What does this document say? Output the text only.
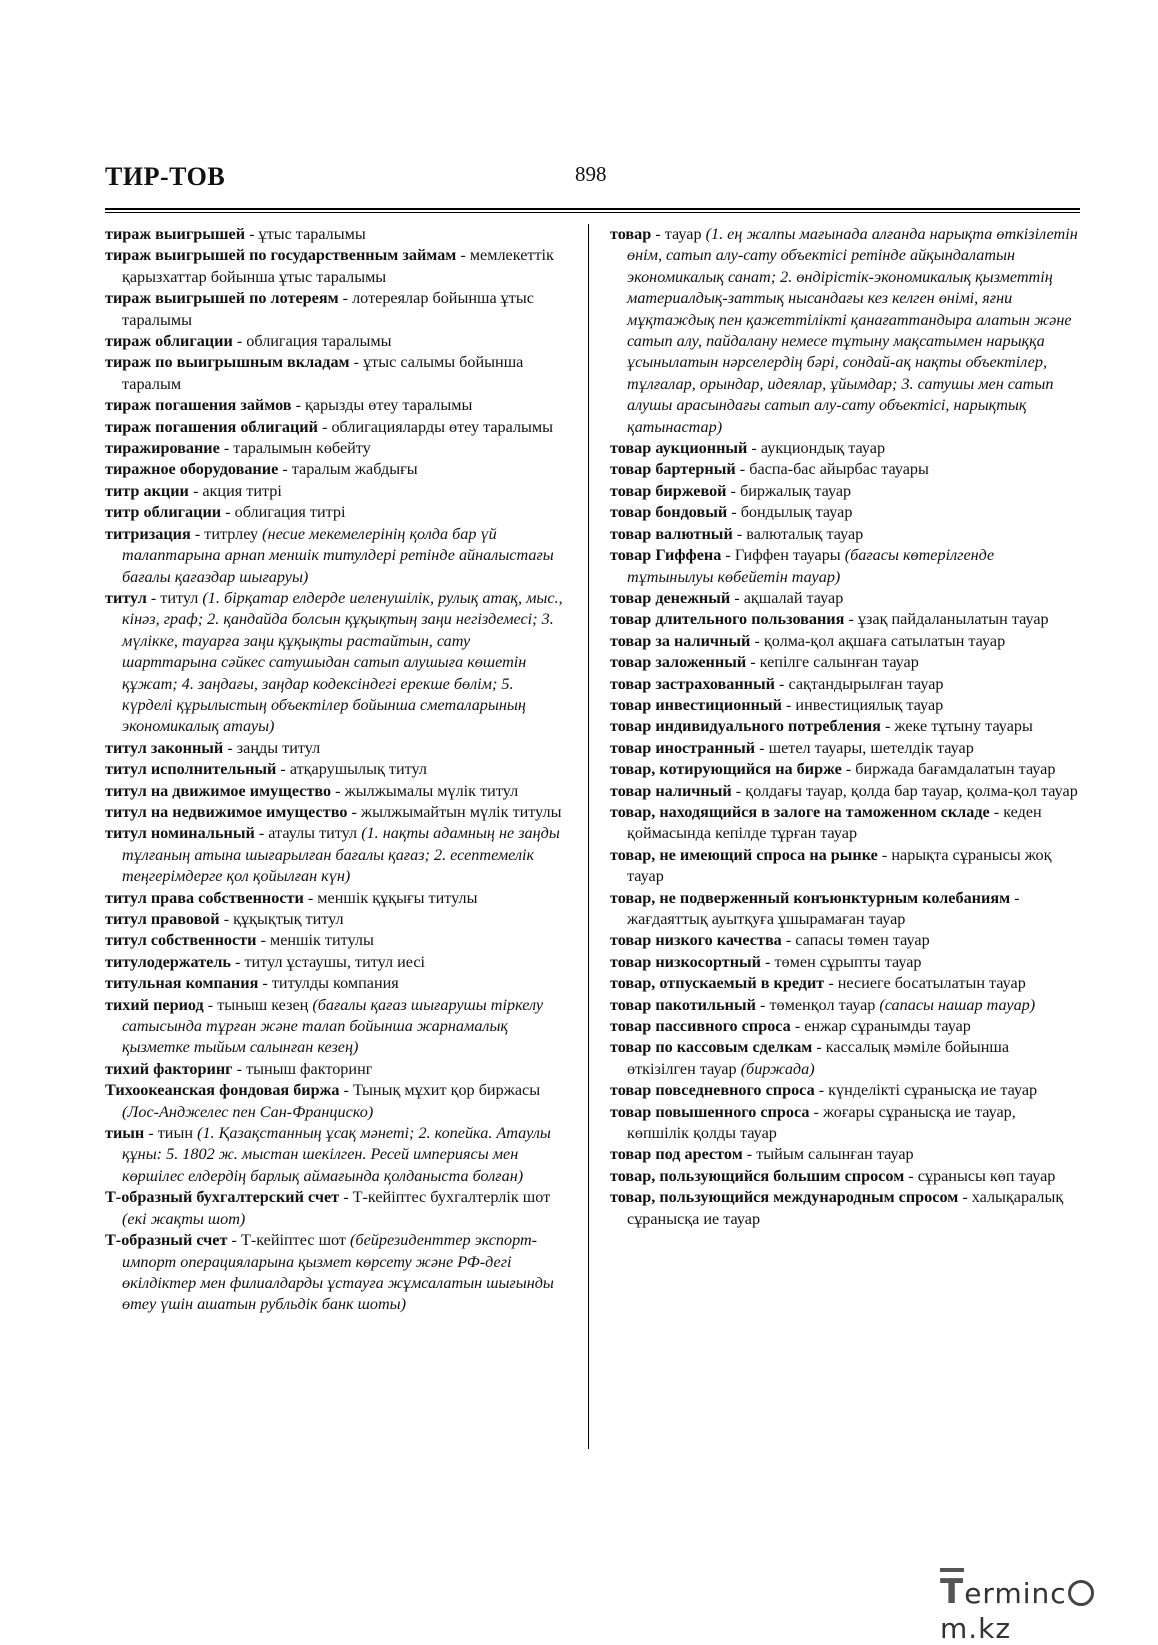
ТИР-ТОВ	898

тираж выигрышей - ұтыс таралымы

тираж выигрышей по государственным займам - мемлекеттік қарызхаттар бойынша ұтыс таралымы

тираж выигрышей по лотереям - лотереялар бойынша ұтыс таралымы

тираж облигации - облигация таралымы

тираж по выигрышным вкладам - ұтыс салымы бойынша таралым

тираж погашения займов - қарызды өтеу таралымы

тираж погашения облигаций - облигацияларды өтеу таралымы

тиражирование - таралымын көбейту

тиражное оборудование - таралым жабдығы

титр акции - акция титрі

титр облигации - облигация титрі

титризация - титрлеу (несие мекемелерінің қолда бар үй талаптарына арнап меншік титулдері ретінде айналыстағы бағалы қағаздар шығаруы)

титул - титул (1. бірқатар елдерде иеленушілік, рулық атақ, мыс., кінәз, граф; 2. қандайда болсын құқықтың заңи негіздемесі; 3. мүлікке, тауарға заңи құқықты растайтын, сату шарттарына сәйкес сатушыдан сатып алушыға көшетін құжат; 4. заңдағы, заңдар кодексіндегі ерекше бөлім; 5. күрделі құрылыстың объектілер бойынша сметаларының экономикалық атауы)

титул законный - заңды титул

титул исполнительный - атқарушылық титул

титул на движимое имущество - жылжымалы мүлік титул

титул на недвижимое имущество - жылжымайтын мүлік титулы

титул номинальный - атаулы титул (1. нақты адамның не заңды тұлғаның атына шығарылған бағалы қағаз; 2. есептемелік теңгерімдерге қол қойылған күн)

титул права собственности - меншік құқығы титулы

титул правовой - құқықтық титул

титул собственности - меншік титулы

титулодержатель - титул ұстаушы, титул иесі

титульная компания - титулды компания

тихий период - тыныш кезең (бағалы қағаз шығарушы тіркелу сатысында тұрған және талап бойынша жарнамалық қызметке тыйым салынған кезең)

тихий факторинг - тыныш факторинг

Тихоокеанская фондовая биржа - Тынық мұхит қор биржасы (Лос-Анджелес пен Сан-Франциско)

тиын - тиын (1. Қазақстанның ұсақ мәнеті; 2. копейка. Атаулы құны: 5. 1802 ж. мыстан шекілген. Ресей империясы мен көршілес елдердің барлық аймағында қолданыста болған)

Т-образный бухгалтерский счет - Т-кейіптес бухгалтерлік шот (екі жақты шот)

Т-образный счет - Т-кейіптес шот (бейрезиденттер экспорт-импорт операцияларына қызмет көрсету және РФ-дегі өкілдіктер мен филиалдарды ұстауға жұмсалатын шығынды өтеу үшін ашатын рубльдік банк шоты)

товар - тауар (1. ең жалпы мағынада алғанда нарықта өткізілетін өнім, сатып алу-сату объектісі ретінде айқындалатын экономикалық санат; 2. өндірістік-экономикалық қызметтің материалдық-заттық нысандағы кез келген өнімі, яғни мұқтаждық пен қажеттілікті қанағаттандыра алатын және сатып алу, пайдалану немесе тұтыну мақсатымен нарыққа ұсынылатын нәрселердің бәрі, сондай-ақ нақты объектілер, тұлғалар, орындар, идеялар, ұйымдар; 3. сатушы мен сатып алушы арасындағы сатып алу-сату объектісі, нарықтық қатынастар)

товар аукционный - аукциондық тауар

товар бартерный - баспа-бас айырбас тауары

товар биржевой - биржалық тауар

товар бондовый - бондылық тауар

товар валютный - валюталық тауар

товар Гиффена - Гиффен тауары (бағасы көтерілгенде тұтынылуы көбейетін тауар)

товар денежный - ақшалай тауар

товар длительного пользования - ұзақ пайдаланылатын тауар

товар за наличный - қолма-қол ақшаға сатылатын тауар

товар заложенный - кепілге салынған тауар

товар застрахованный - сақтандырылған тауар

товар инвестиционный - инвестициялық тауар

товар индивидуального потребления - жеке тұтыну тауары

товар иностранный - шетел тауары, шетелдік тауар

товар, котирующийся на бирже - биржада бағамдалатын тауар

товар наличный - қолдағы тауар, қолда бар тауар, қолма-қол тауар

товар, находящийся в залоге на таможенном складе - кеден қоймасында кепілде тұрған тауар

товар, не имеющий спроса на рынке - нарықта сұранысы жоқ тауар

товар, не подверженный конъюнктурным колебаниям - жағдаяттық ауытқуға ұшырамаған тауар

товар низкого качества - сапасы төмен тауар

товар низкосортный - төмен сұрыпты тауар

товар, отпускаемый в кредит - несиеге босатылатын тауар

товар пакотильный - төменқол тауар (сапасы нашар тауар)

товар пассивного спроса - енжар сұранымды тауар

товар по кассовым сделкам - кассалық мәміле бойынша өткізілген тауар (биржада)

товар повседневного спроса - күнделікті сұранысқа ие тауар

товар повышенного спроса - жоғары сұранысқа ие тауар, көпшілік қолды тауар

товар под арестом - тыйым салынған тауар

товар, пользующийся большим спросом - сұранысы көп тауар

товар, пользующийся международным спросом - халықаралық сұранысқа ие тауар

Termincm.kz
